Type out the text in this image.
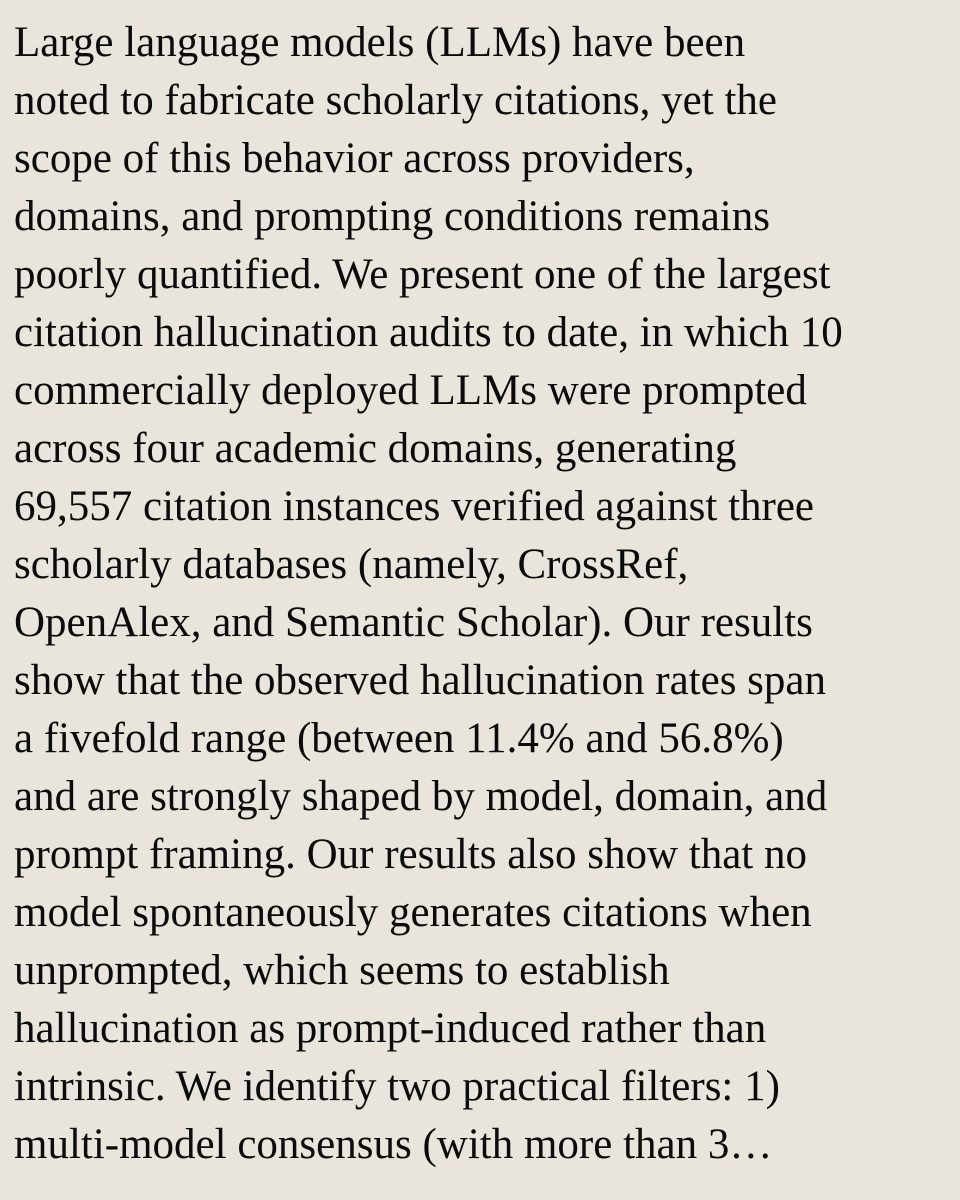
Large language models (LLMs) have been
noted to fabricate scholarly citations, yet the
scope of this behavior across providers,
domains, and prompting conditions remains
poorly quantified. We present one of the largest
citation hallucination audits to date, in which 10
commercially deployed LLMs were prompted
across four academic domains, generating
69,557 citation instances verified against three
scholarly databases (namely, CrossRef,
OpenAlex, and Semantic Scholar). Our results
show that the observed hallucination rates span
a fivefold range (between 11.4% and 56.8%)
and are strongly shaped by model, domain, and
prompt framing. Our results also show that no
model spontaneously generates citations when
unprompted, which seems to establish
hallucination as prompt-induced rather than
intrinsic. We identify two practical filters: 1)
multi-model consensus (with more than 3…
